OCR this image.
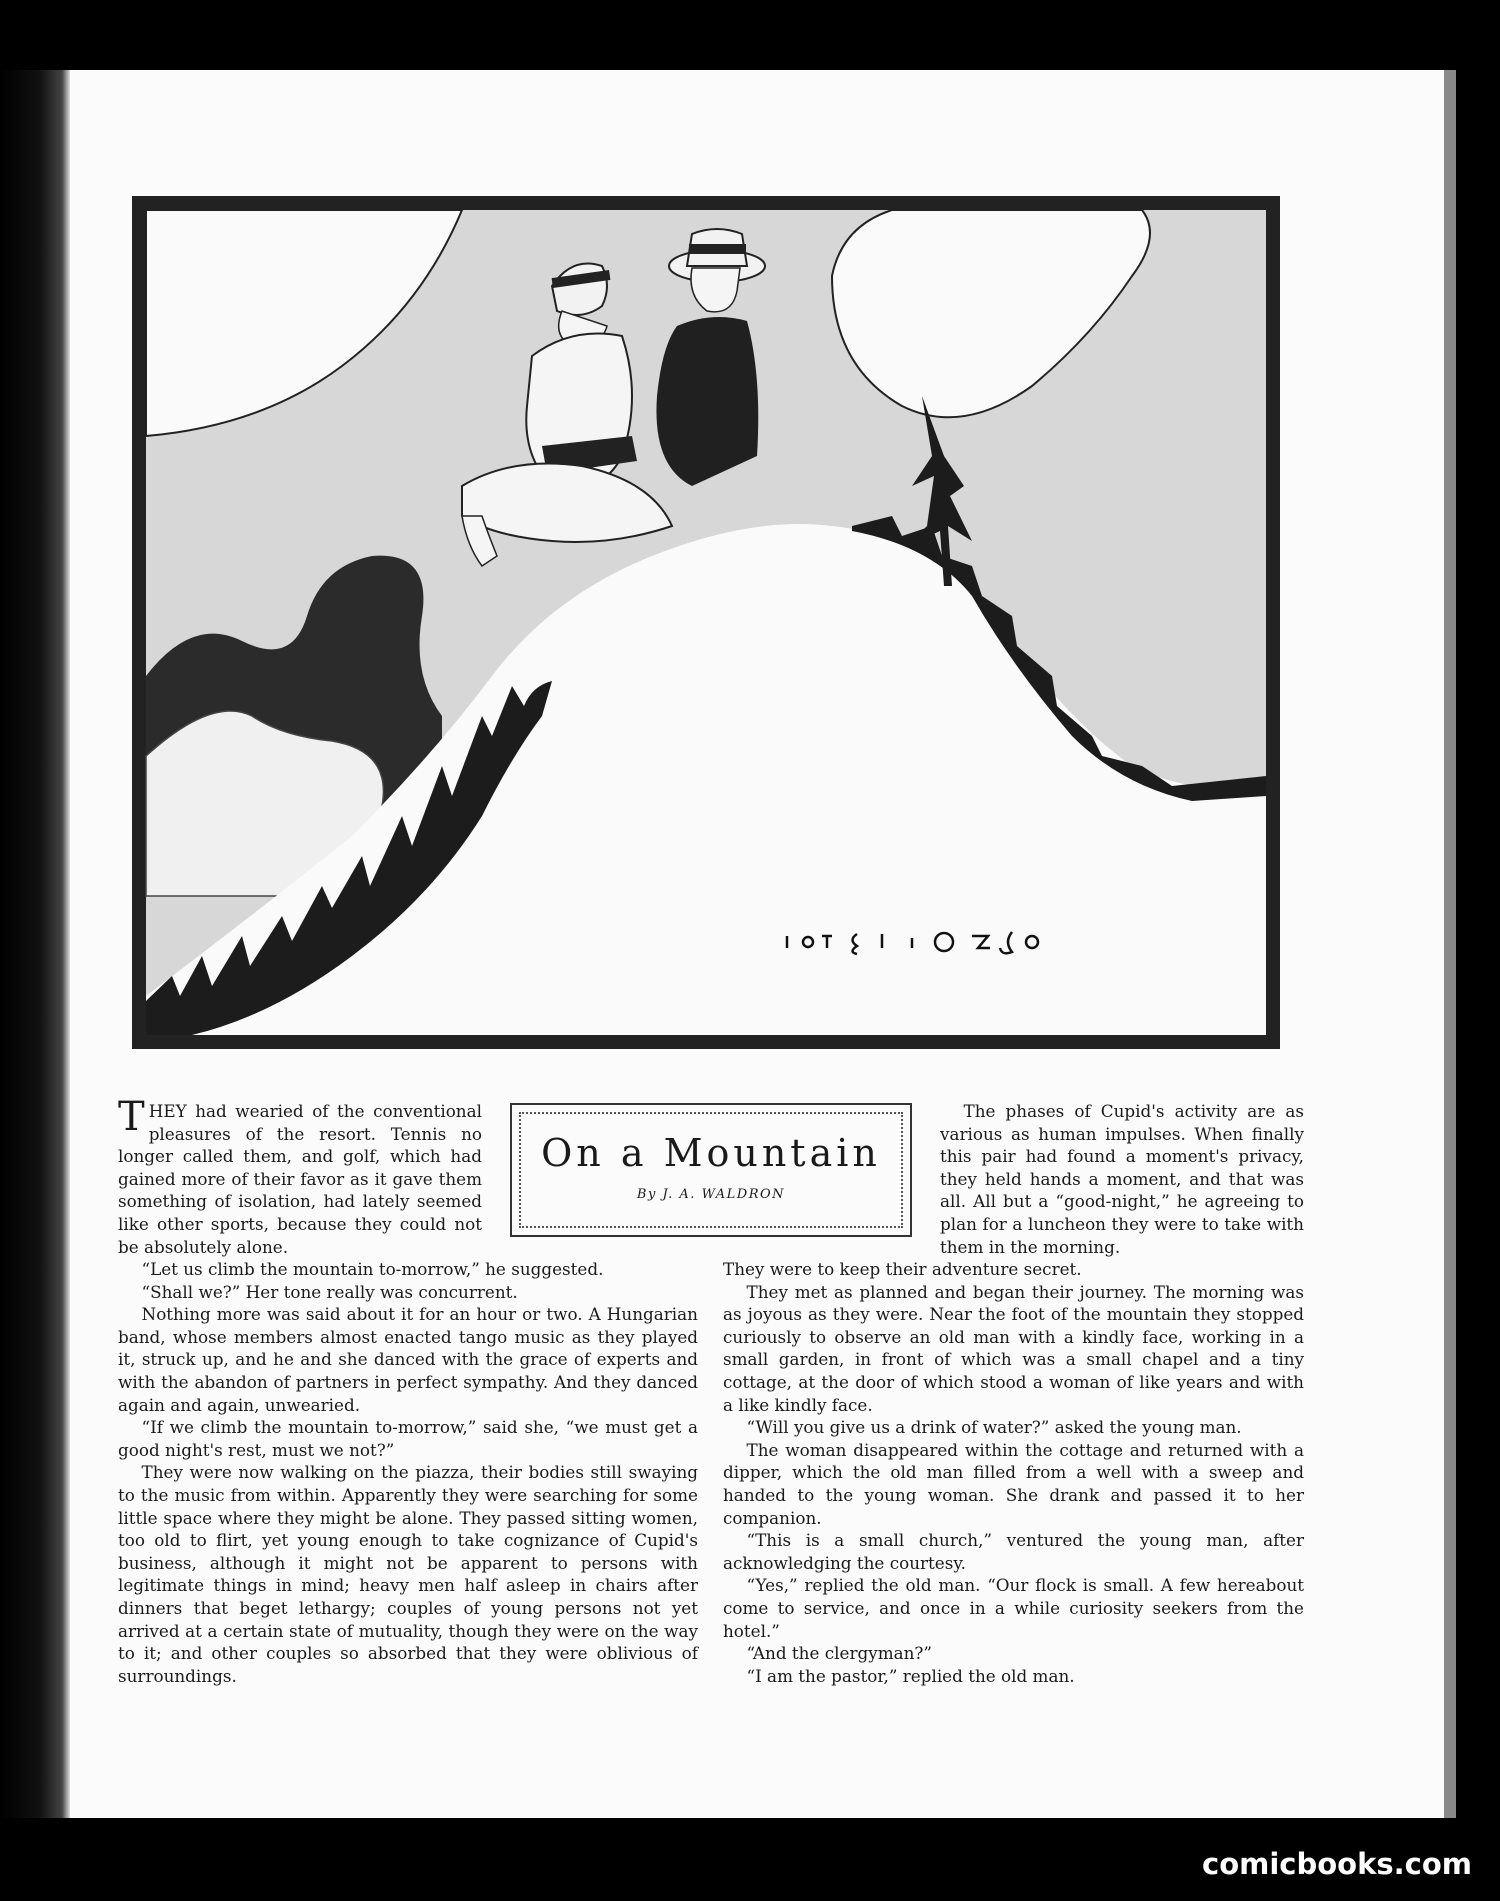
THEY had wearied of the conventional pleasures of the resort. Tennis no longer called them, and golf, which had gained more of their favor as it gave them something of isolation, had lately seemed like other sports, because they could not be absolutely alone.

“Let us climb the mountain to-morrow,” he suggested.

“Shall we?” Her tone really was concurrent.

Nothing more was said about it for an hour or two. A Hungarian band, whose members almost enacted tango music as they played it, struck up, and he and she danced with the grace of experts and with the abandon of partners in perfect sympathy. And they danced again and again, unwearied.

“If we climb the mountain to-morrow,” said she, “we must get a good night's rest, must we not?”

They were now walking on the piazza, their bodies still swaying to the music from within. Apparently they were searching for some little space where they might be alone. They passed sitting women, too old to flirt, yet young enough to take cognizance of Cupid's business, although it might not be apparent to persons with legitimate things in mind; heavy men half asleep in chairs after dinners that beget lethargy; couples of young persons not yet arrived at a certain state of mutuality, though they were on the way to it; and other couples so absorbed that they were oblivious of surroundings.

On a Mountain
By J. A. WALDRON

The phases of Cupid's activity are as various as human impulses. When finally this pair had found a moment's privacy, they held hands a moment, and that was all. All but a “good-night,” he agreeing to plan for a luncheon they were to take with them in the morning.

They were to keep their adventure secret.

They met as planned and began their journey. The morning was as joyous as they were. Near the foot of the mountain they stopped curiously to observe an old man with a kindly face, working in a small garden, in front of which was a small chapel and a tiny cottage, at the door of which stood a woman of like years and with a like kindly face.

“Will you give us a drink of water?” asked the young man.

The woman disappeared within the cottage and returned with a dipper, which the old man filled from a well with a sweep and handed to the young woman. She drank and passed it to her companion.

“This is a small church,” ventured the young man, after acknowledging the courtesy.

“Yes,” replied the old man. “Our flock is small. A few hereabout come to service, and once in a while curiosity seekers from the hotel.”

“And the clergyman?”

“I am the pastor,” replied the old man.

comicbooks.com
